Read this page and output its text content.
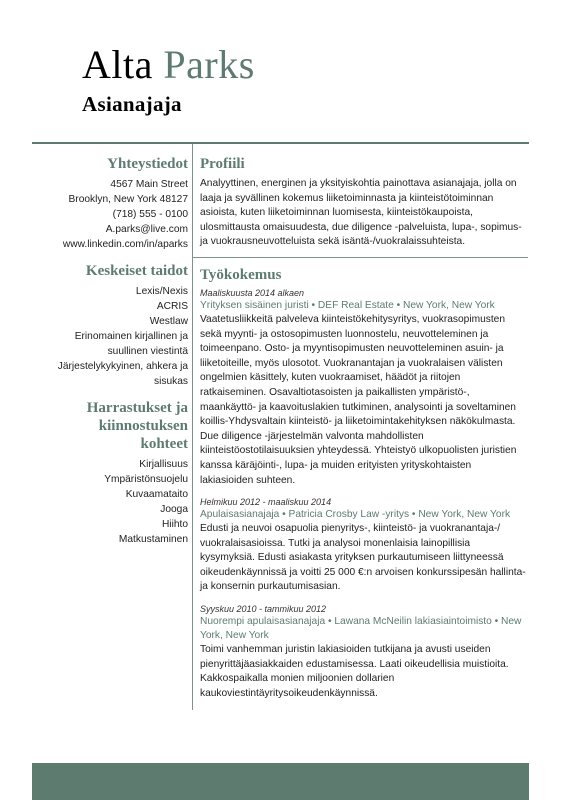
Alta Parks
Asianajaja
Yhteystiedot
4567 Main Street
Brooklyn, New York 48127
(718) 555 - 0100
A.parks@live.com
www.linkedin.com/in/aparks
Keskeiset taidot
Lexis/Nexis
ACRIS
Westlaw
Erinomainen kirjallinen ja
suullinen viestintä
Järjestelykykyinen, ahkera ja
sisukas
Harrastukset ja
kiinnostuksen
kohteet
Kirjallisuus
Ympäristönsuojelu
Kuvaamataito
Jooga
Hiihto
Matkustaminen
Profiili
Analyyttinen, energinen ja yksityiskohtia painottava asianajaja, jolla on laaja ja syvällinen kokemus liiketoiminnasta ja kiinteistötoiminnan asioista, kuten liiketoiminnan luomisesta, kiinteistökaupoista, ulosmittausta omaisuudesta, due diligence -palveluista, lupa-, sopimus- ja vuokrausneuvotteluista sekä isäntä-/vuokralaissuhteista.
Työkokemus
Maaliskuusta 2014 alkaen
Yrityksen sisäinen juristi • DEF Real Estate • New York, New York
Vaatetusliikkeitä palveleva kiinteistökehitysyritys, vuokrasopimusten sekä myynti- ja ostosopimusten luonnostelu, neuvotteleminen ja toimeenpano. Osto- ja myyntisopimusten neuvotteleminen asuin- ja liiketoiteille, myös ulosotot. Vuokranantajan ja vuokralaisen välisten ongelmien käsittely, kuten vuokraamiset, häädöt ja riitojen ratkaiseminen. Osavaltiotasoisten ja paikallisten ympäristö-, maankäyttö- ja kaavoituslakien tutkiminen, analysointi ja soveltaminen koillis-Yhdysvaltain kiinteistö- ja liiketoimintakehityksen näkökulmasta. Due diligence -järjestelmän valvonta mahdollisten kiinteistöostotilaisuuksien yhteydessä. Yhteistyö ulkopuolisten juristien kanssa käräjöinti-, lupa- ja muiden erityisten yrityskohtaisten lakiasioiden suhteen.
Helmikuu 2012 - maaliskuu 2014
Apulaisasianajaja • Patricia Crosby Law -yritys • New York, New York
Edusti ja neuvoi osapuolia pienyritys-, kiinteistö- ja vuokranantaja-/ vuokralaisasioissa. Tutki ja analysoi monenlaisia lainopillisia kysymyksiä. Edusti asiakasta yrityksen purkautumiseen liittyneessä oikeudenkäynnissä ja voitti 25 000 €:n arvoisen konkurssipesän hallinta- ja konsernin purkautumisasian.
Syyskuu 2010 - tammikuu 2012
Nuorempi apulaisasianajaja • Lawana McNeilin lakiasiaintoimisto • New York, New York
Toimi vanhemman juristin lakiasioiden tutkijana ja avusti useiden pienyrittäjäasiakkaiden edustamisessa. Laati oikeudellisia muistioita. Kakkospaikalla monien miljoonien dollarien kaukoviestintäyritysoikeudenkäynnissä.
